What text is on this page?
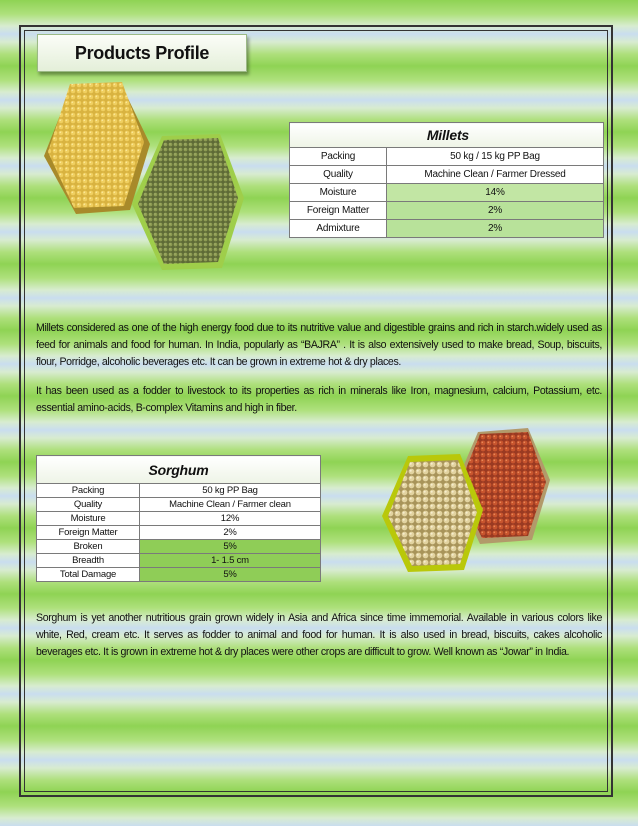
Products Profile
Millets	
Packing	50 kg / 15 kg PP Bag
Quality	Machine Clean / Farmer Dressed
Moisture	14%
Foreign Matter	2%
Admixture	2%

Millets considered as one of the high energy food due to its nutritive value and digestible grains and rich in starch.widely used as feed for animals and food for human. In India, popularly as “BAJRA” . It is also extensively used to make bread, Soup, biscuits, flour, Porridge, alcoholic beverages etc. It can be grown in extreme hot & dry places.

It has been used as a fodder to livestock to its properties as rich in minerals like Iron, magnesium, calcium, Potassium, etc. essential amino-acids, B-complex Vitamins and high in fiber.

Sorghum	
Packing	50 kg PP Bag
Quality	Machine Clean / Farmer clean
Moisture	12%
Foreign Matter	2%
Broken	5%
Breadth	1- 1.5 cm
Total Damage	5%

Sorghum is yet another nutritious grain grown widely in Asia and Africa since time immemorial. Available in various colors like white, Red, cream etc. It serves as fodder to animal and food for human. It is also used in bread, biscuits, cakes alcoholic beverages etc. It is grown in extreme hot & dry places were other crops are difficult to grow. Well known as “Jowar” in India.
